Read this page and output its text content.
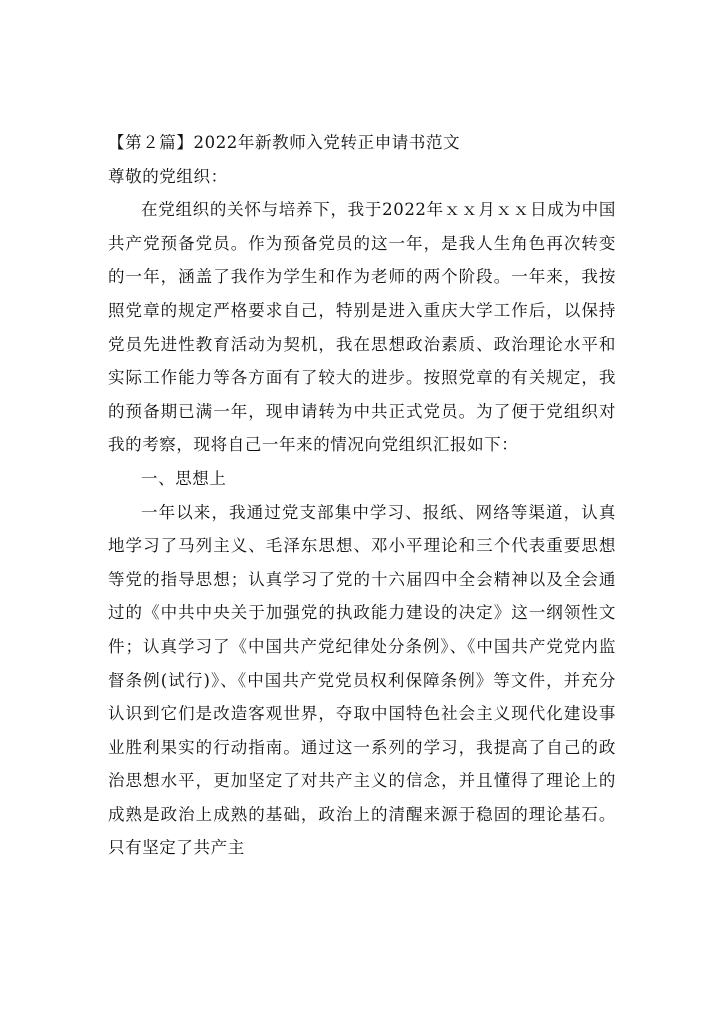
【第２篇】2022年新教师入党转正申请书范文

尊敬的党组织：

在党组织的关怀与培养下，我于2022年ｘｘ月ｘｘ日成为中国共产党预备党员。作为预备党员的这一年，是我人生角色再次转变的一年，涵盖了我作为学生和作为老师的两个阶段。一年来，我按照党章的规定严格要求自己，特别是进入重庆大学工作后，以保持党员先进性教育活动为契机，我在思想政治素质、政治理论水平和实际工作能力等各方面有了较大的进步。按照党章的有关规定，我的预备期已满一年，现申请转为中共正式党员。为了便于党组织对我的考察，现将自己一年来的情况向党组织汇报如下：

一、思想上

一年以来，我通过党支部集中学习、报纸、网络等渠道，认真地学习了马列主义、毛泽东思想、邓小平理论和三个代表重要思想等党的指导思想；认真学习了党的十六届四中全会精神以及全会通过的《中共中央关于加强党的执政能力建设的决定》这一纲领性文件；认真学习了《中国共产党纪律处分条例》、《中国共产党党内监督条例(试行)》、《中国共产党党员权利保障条例》等文件，并充分认识到它们是改造客观世界，夺取中国特色社会主义现代化建设事业胜利果实的行动指南。通过这一系列的学习，我提高了自己的政治思想水平，更加坚定了对共产主义的信念，并且懂得了理论上的成熟是政治上成熟的基础，政治上的清醒来源于稳固的理论基石。只有坚定了共产主
